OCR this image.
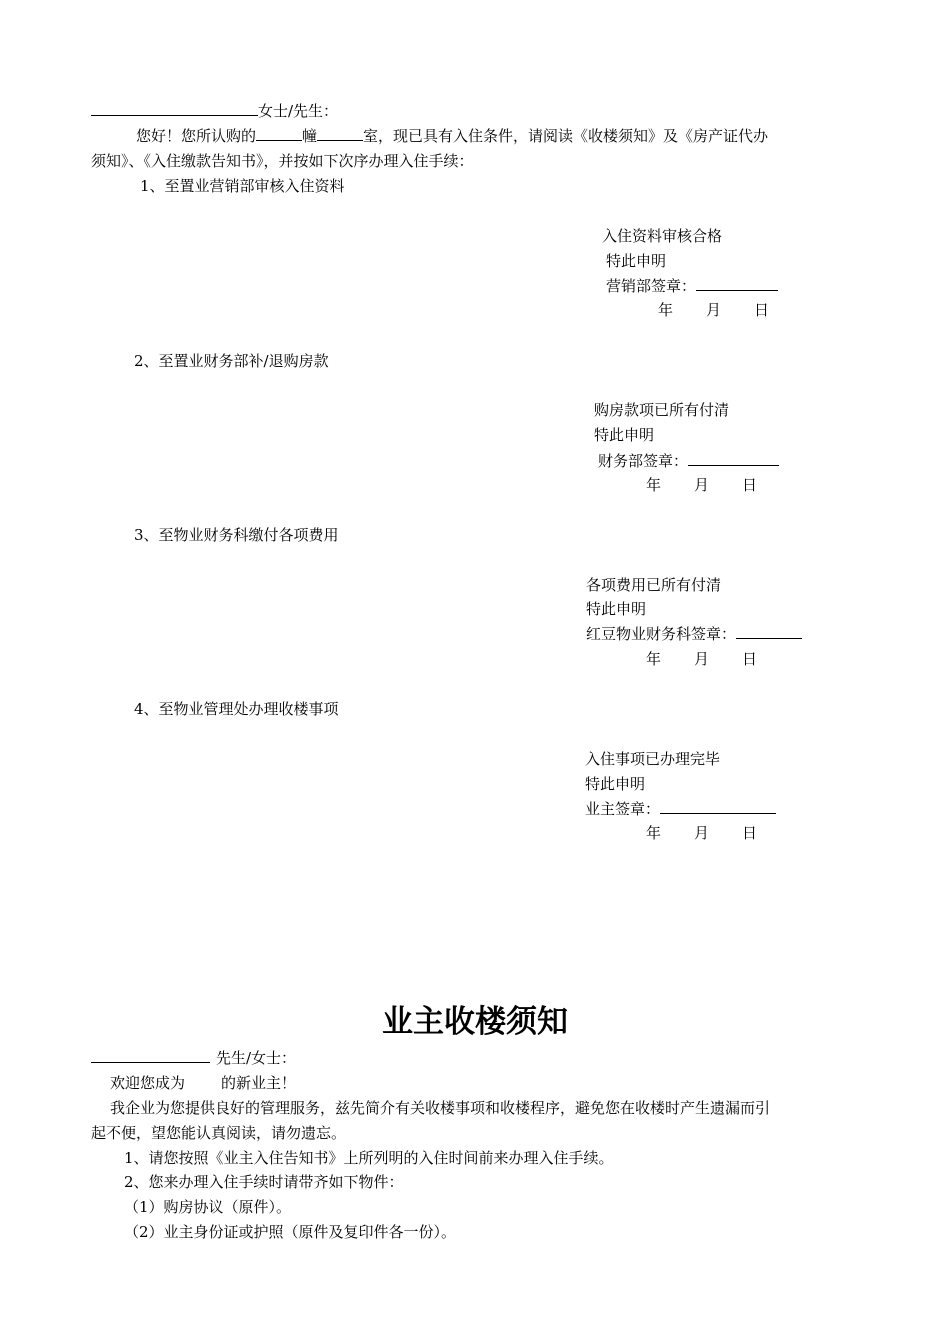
女士/先生：
您好！您所认购的	幢	室，现已具有入住条件，请阅读《收楼须知》及《房产证代办
须知》、《入住缴款告知书》，并按如下次序办理入住手续：
1、至置业营销部审核入住资料
入住资料审核合格
特此申明
营销部签章：
年 月 日
2、至置业财务部补/退购房款
购房款项已所有付清
特此申明
财务部签章：
年 月 日
3、至物业财务科缴付各项费用
各项费用已所有付清
特此申明
红豆物业财务科签章：
年 月 日
4、至物业管理处办理收楼事项
入住事项已办理完毕
特此申明
业主签章：
年 月 日
业主收楼须知
先生/女士：
欢迎您成为 的新业主！
我企业为您提供良好的管理服务，兹先简介有关收楼事项和收楼程序，避免您在收楼时产生遗漏而引
起不便，望您能认真阅读，请勿遗忘。
1、请您按照《业主入住告知书》上所列明的入住时间前来办理入住手续。
2、您来办理入住手续时请带齐如下物件：
（1）购房协议（原件）。
（2）业主身份证或护照（原件及复印件各一份）。
